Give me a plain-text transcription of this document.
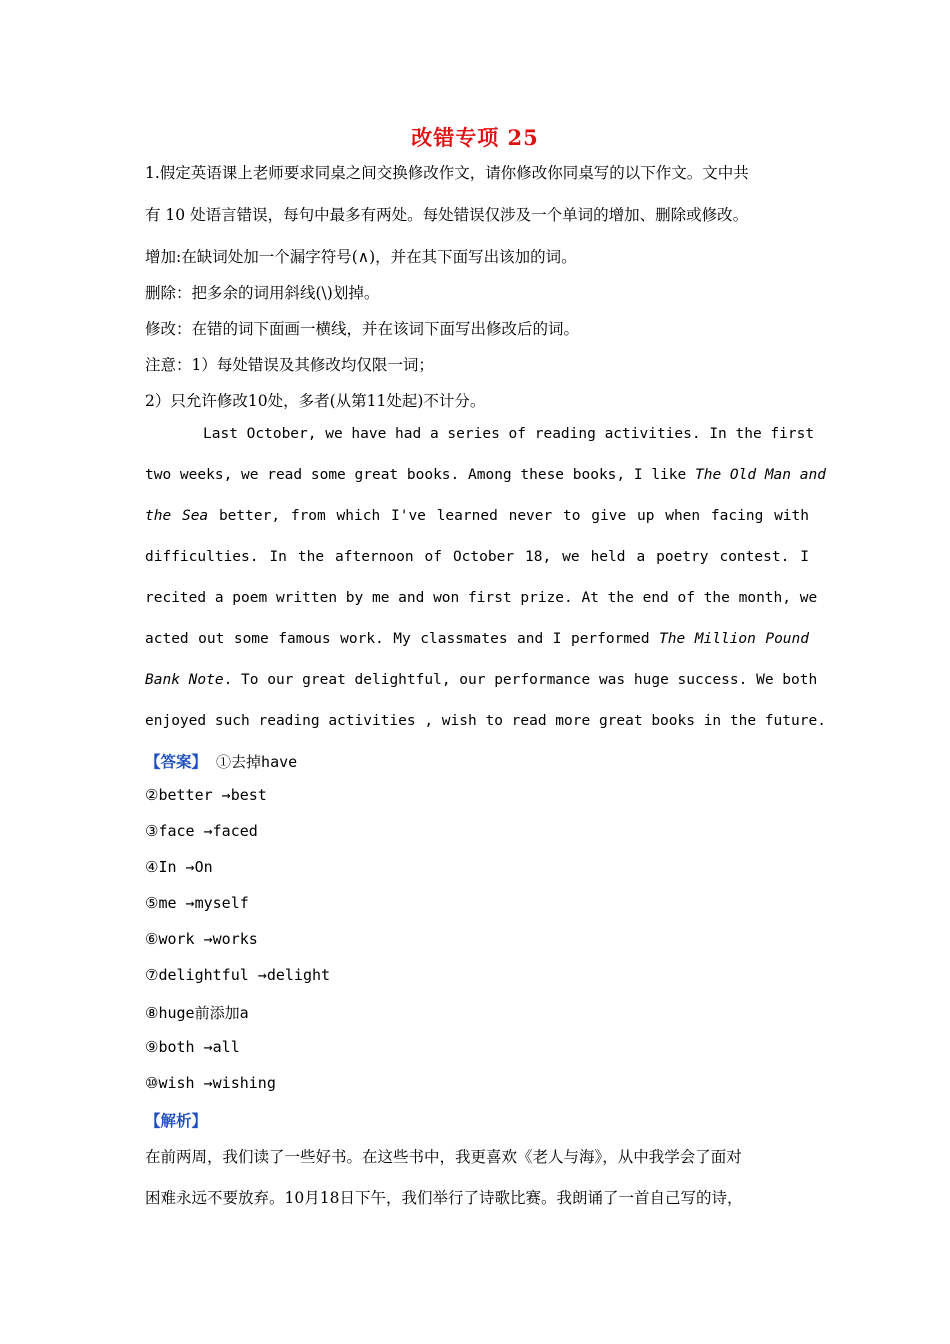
改错专项 25
1.假定英语课上老师要求同桌之间交换修改作文，请你修改你同桌写的以下作文。文中共
有 10 处语言错误，每句中最多有两处。每处错误仅涉及一个单词的增加、删除或修改。
增加:在缺词处加一个漏字符号(∧)，并在其下面写出该加的词。
删除：把多余的词用斜线(\)划掉。
修改：在错的词下面画一横线，并在该词下面写出修改后的词。
注意：1）每处错误及其修改均仅限一词；
2）只允许修改10处，多者(从第11处起)不计分。
Last October, we have had a series of reading activities. In the first
two weeks, we read some great books. Among these books, I like The Old Man and
the Sea better, from which I've learned never to give up when facing with
difficulties. In the afternoon of October 18, we held a poetry contest. I
recited a poem written by me and won first prize. At the end of the month, we
acted out some famous work. My classmates and I performed The Million Pound
Bank Note. To our great delightful, our performance was huge success. We both
enjoyed such reading activities , wish to read more great books in the future.
【答案】 ①去掉have
②better →best
③face →faced
④In →On
⑤me →myself
⑥work →works
⑦delightful →delight
⑧huge前添加a
⑨both →all
⑩wish →wishing
【解析】
在前两周，我们读了一些好书。在这些书中，我更喜欢《老人与海》，从中我学会了面对
困难永远不要放弃。10月18日下午，我们举行了诗歌比赛。我朗诵了一首自己写的诗，
